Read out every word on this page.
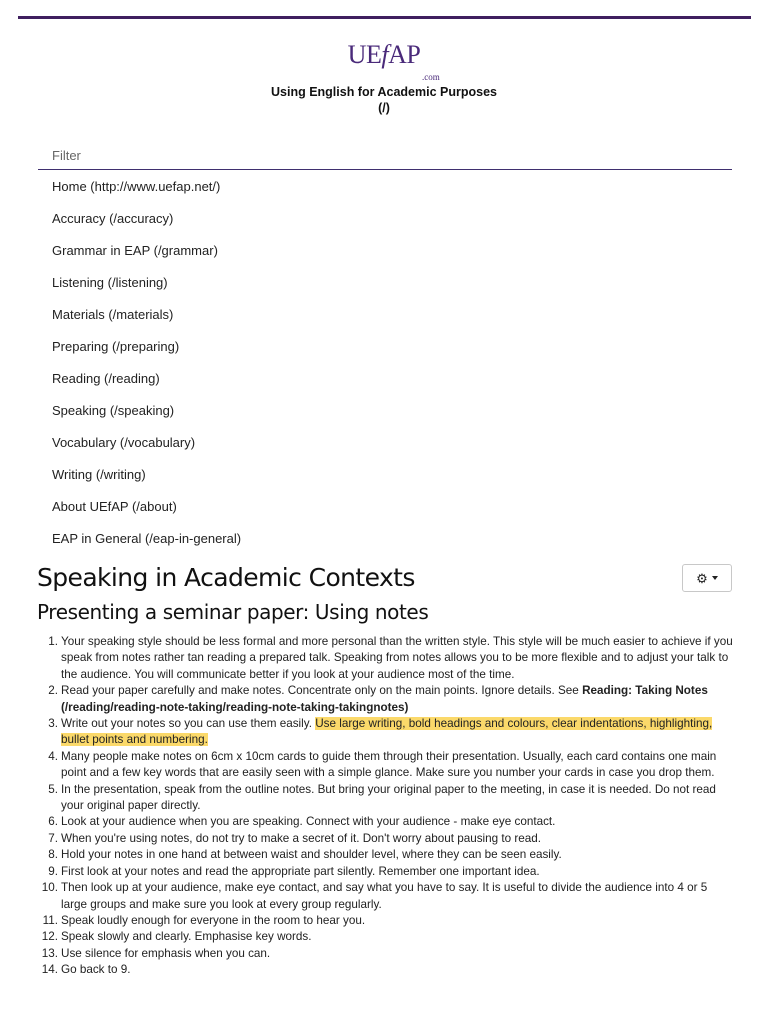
UEfAP
.com
Using English for Academic Purposes
(/)
Filter
Home (http://www.uefap.net/)
Accuracy (/accuracy)
Grammar in EAP (/grammar)
Listening (/listening)
Materials (/materials)
Preparing (/preparing)
Reading (/reading)
Speaking (/speaking)
Vocabulary (/vocabulary)
Writing (/writing)
About UEfAP (/about)
EAP in General (/eap-in-general)
Speaking in Academic Contexts	⚙
Presenting a seminar paper: Using notes
1. Your speaking style should be less formal and more personal than the written style. This style will be much easier to achieve if you speak from notes rather tan reading a prepared talk. Speaking from notes allows you to be more flexible and to adjust your talk to the audience. You will communicate better if you look at your audience most of the time.
2. Read your paper carefully and make notes. Concentrate only on the main points. Ignore details. See Reading: Taking Notes (/reading/reading-note-taking/reading-note-taking-takingnotes)
3. Write out your notes so you can use them easily. Use large writing, bold headings and colours, clear indentations, highlighting, bullet points and numbering.
4. Many people make notes on 6cm x 10cm cards to guide them through their presentation. Usually, each card contains one main point and a few key words that are easily seen with a simple glance. Make sure you number your cards in case you drop them.
5. In the presentation, speak from the outline notes. But bring your original paper to the meeting, in case it is needed. Do not read your original paper directly.
6. Look at your audience when you are speaking. Connect with your audience - make eye contact.
7. When you're using notes, do not try to make a secret of it. Don't worry about pausing to read.
8. Hold your notes in one hand at between waist and shoulder level, where they can be seen easily.
9. First look at your notes and read the appropriate part silently. Remember one important idea.
10. Then look up at your audience, make eye contact, and say what you have to say. It is useful to divide the audience into 4 or 5 large groups and make sure you look at every group regularly.
11. Speak loudly enough for everyone in the room to hear you.
12. Speak slowly and clearly. Emphasise key words.
13. Use silence for emphasis when you can.
14. Go back to 9.
